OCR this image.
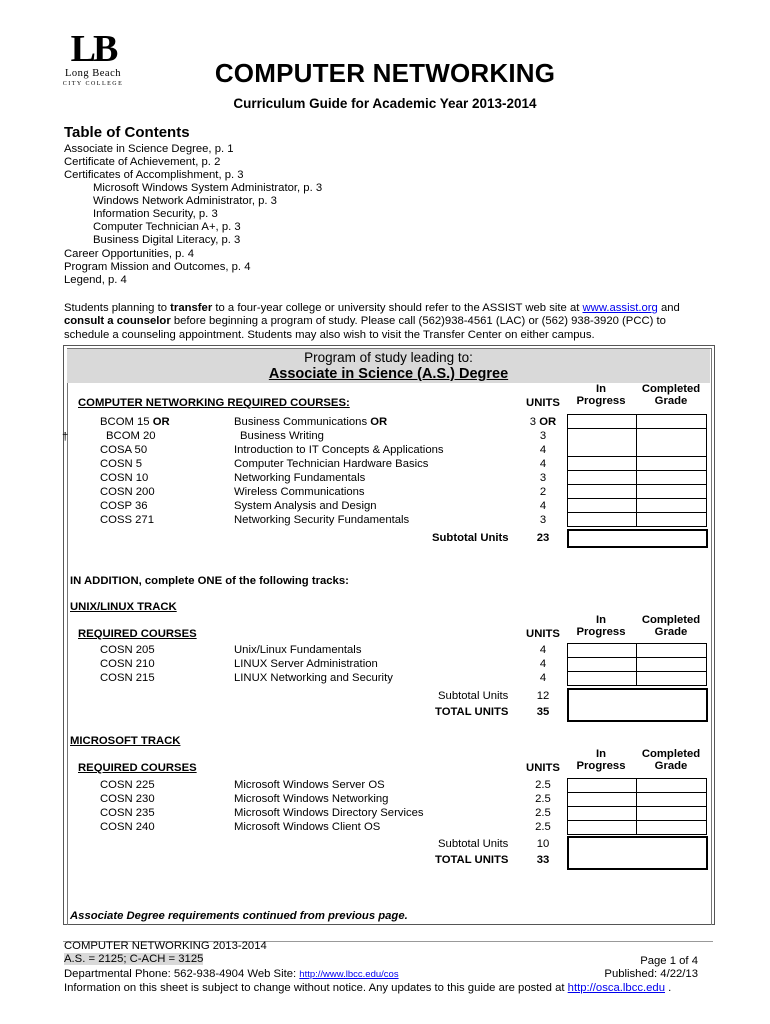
LB
Long Beach
CITY COLLEGE	COMPUTER NETWORKING
Curriculum Guide for Academic Year 2013-2014
Table of Contents
Associate in Science Degree, p. 1
Certificate of Achievement, p. 2
Certificates of Accomplishment, p. 3
Microsoft Windows System Administrator, p. 3
Windows Network Administrator, p. 3
Information Security, p. 3
Computer Technician A+, p. 3
Business Digital Literacy, p. 3
Career Opportunities, p. 4
Program Mission and Outcomes, p. 4
Legend, p. 4
Students planning to transfer to a four-year college or university should refer to the ASSIST web site at www.assist.org and
consult a counselor before beginning a program of study. Please call (562)938-4561 (LAC) or (562) 938-3920 (PCC) to
schedule a counseling appointment. Students may also wish to visit the Transfer Center on either campus.
Program of study leading to:
Associate in Science (A.S.) Degree
COMPUTER NETWORKING REQUIRED COURSES:	UNITS
In
Progress
Completed
Grade
†
BCOM 15 OR	Business Communications OR	3 OR
BCOM 20	Business Writing	3
COSA 50	Introduction to IT Concepts & Applications	4
COSN 5	Computer Technician Hardware Basics	4
COSN 10	Networking Fundamentals	3
COSN 200	Wireless Communications	2
COSP 36	System Analysis and Design	4
COSS 271	Networking Security Fundamentals	3
Subtotal Units	23
IN ADDITION, complete ONE of the following tracks:
UNIX/LINUX TRACK
REQUIRED COURSES	UNITS
In
Progress
Completed
Grade
COSN 205	Unix/Linux Fundamentals	4
COSN 210	LINUX Server Administration	4
COSN 215	LINUX Networking and Security	4
Subtotal Units	12
TOTAL UNITS	35
MICROSOFT TRACK
REQUIRED COURSES	UNITS
In
Progress
Completed
Grade
COSN 225	Microsoft Windows Server OS	2.5
COSN 230	Microsoft Windows Networking	2.5
COSN 235	Microsoft Windows Directory Services	2.5
COSN 240	Microsoft Windows Client OS	2.5
Subtotal Units	10
TOTAL UNITS	33
Associate Degree requirements continued from previous page.
COMPUTER NETWORKING 2013-2014
A.S. = 2125; C-ACH = 3125	Page 1 of 4
Departmental Phone: 562-938-4904 Web Site: http://www.lbcc.edu/cos	Published: 4/22/13
Information on this sheet is subject to change without notice. Any updates to this guide are posted at http://osca.lbcc.edu .
